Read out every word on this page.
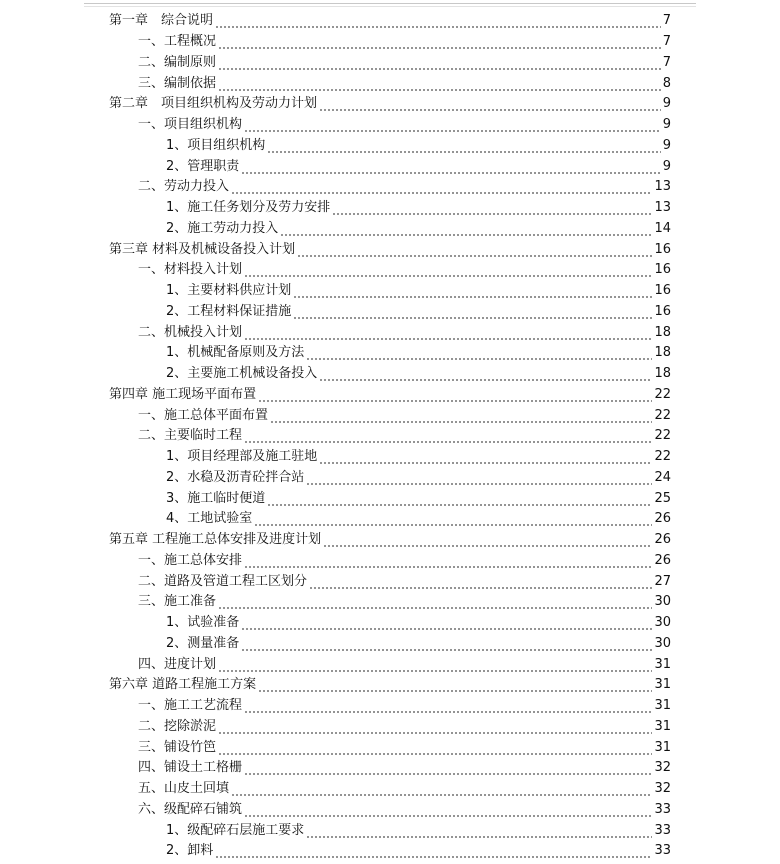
第一章　综合说明	7
一、工程概况	7
二、编制原则	7
三、编制依据	8
第二章　项目组织机构及劳动力计划	9
一、项目组织机构	9
1、项目组织机构	9
2、管理职责	9
二、劳动力投入	13
1、施工任务划分及劳力安排	13
2、施工劳动力投入	14
第三章 材料及机械设备投入计划	16
一、材料投入计划	16
1、主要材料供应计划	16
2、工程材料保证措施	16
二、机械投入计划	18
1、机械配备原则及方法	18
2、主要施工机械设备投入	18
第四章 施工现场平面布置	22
一、施工总体平面布置	22
二、主要临时工程	22
1、项目经理部及施工驻地	22
2、水稳及沥青砼拌合站	24
3、施工临时便道	25
4、工地试验室	26
第五章 工程施工总体安排及进度计划	26
一、施工总体安排	26
二、道路及管道工程工区划分	27
三、施工准备	30
1、试验准备	30
2、测量准备	30
四、进度计划	31
第六章 道路工程施工方案	31
一、施工工艺流程	31
二、挖除淤泥	31
三、铺设竹笆	31
四、铺设土工格栅	32
五、山皮土回填	32
六、级配碎石铺筑	33
1、级配碎石层施工要求	33
2、卸料	33
